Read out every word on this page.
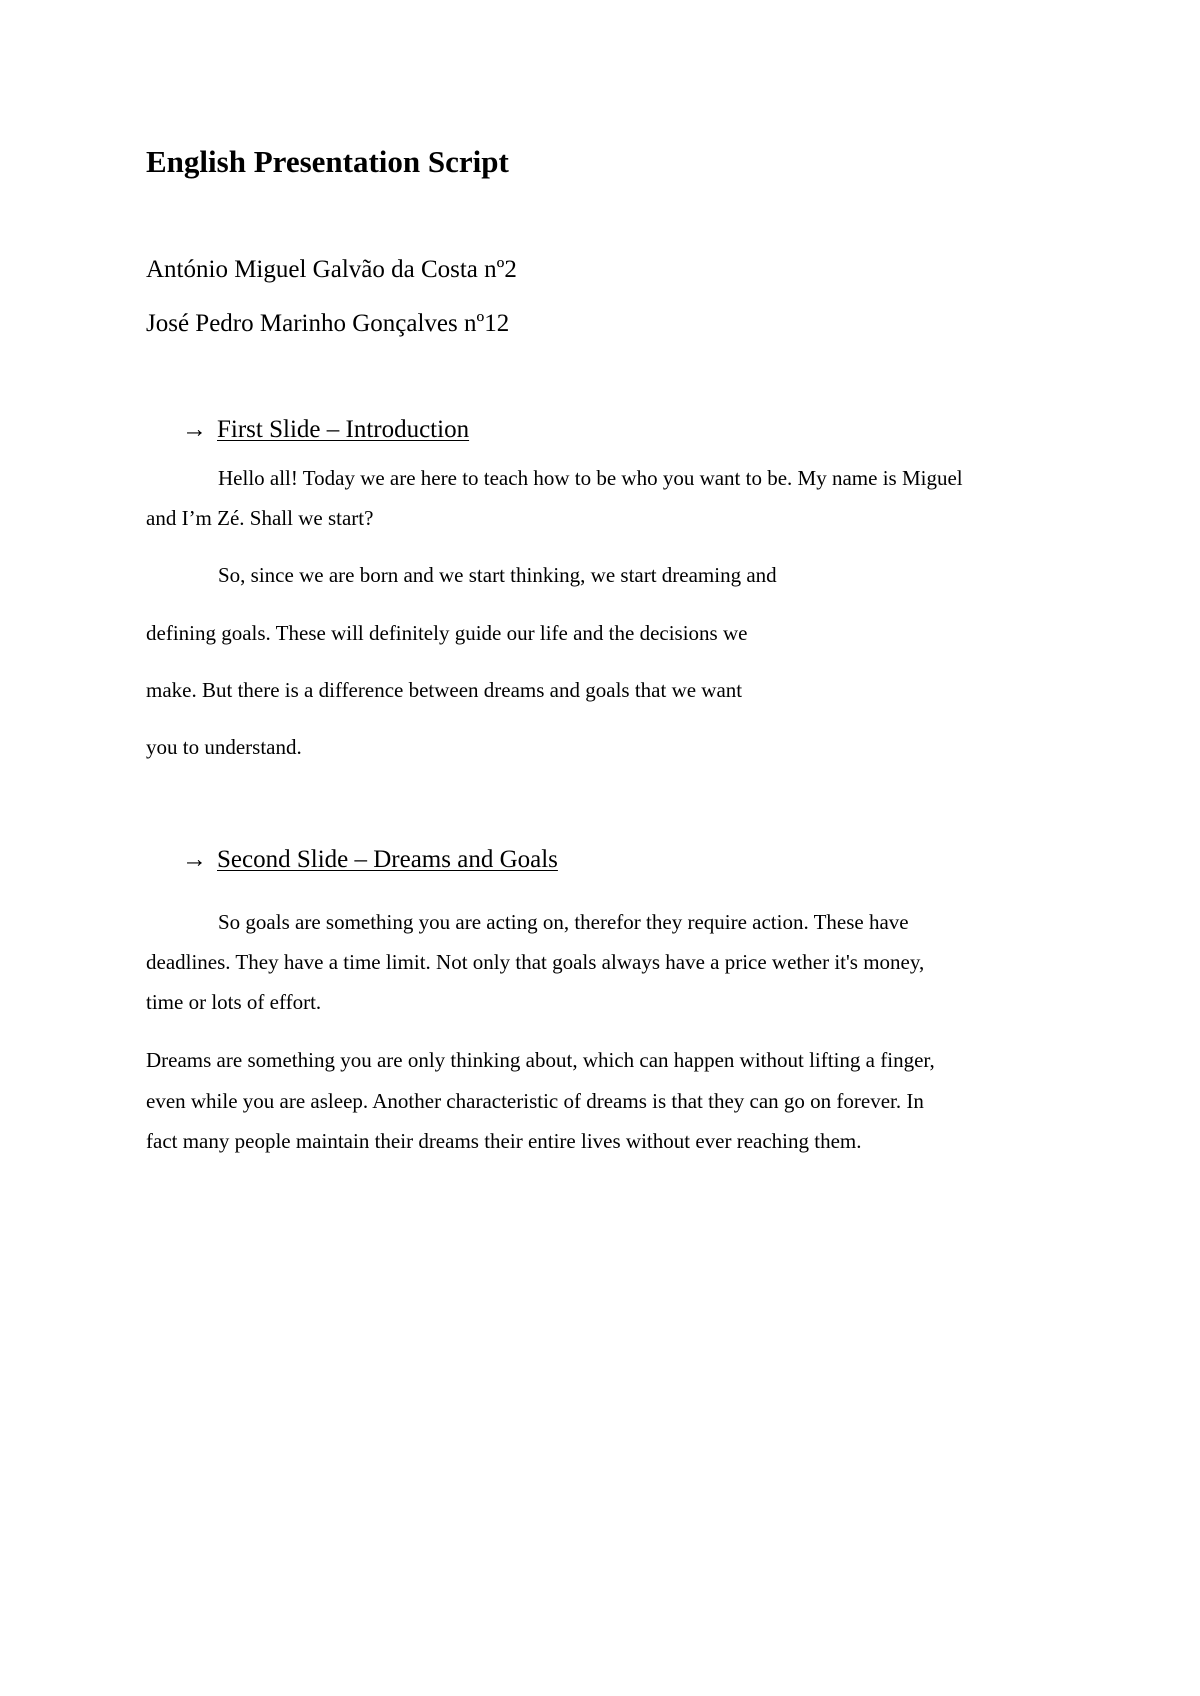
English Presentation Script
António Miguel Galvão da Costa nº2
José Pedro Marinho Gonçalves nº12
→ First Slide – Introduction
Hello all! Today we are here to teach how to be who you want to be. My name is Miguel
and I’m Zé. Shall we start?
So, since we are born and we start thinking, we start dreaming and
defining goals. These will definitely guide our life and the decisions we
make. But there is a difference between dreams and goals that we want
you to understand.
→ Second Slide – Dreams and Goals
So goals are something you are acting on, therefor they require action. These have
deadlines. They have a time limit. Not only that goals always have a price wether it's money,
time or lots of effort.
Dreams are something you are only thinking about, which can happen without lifting a finger,
even while you are asleep. Another characteristic of dreams is that they can go on forever. In
fact many people maintain their dreams their entire lives without ever reaching them.
